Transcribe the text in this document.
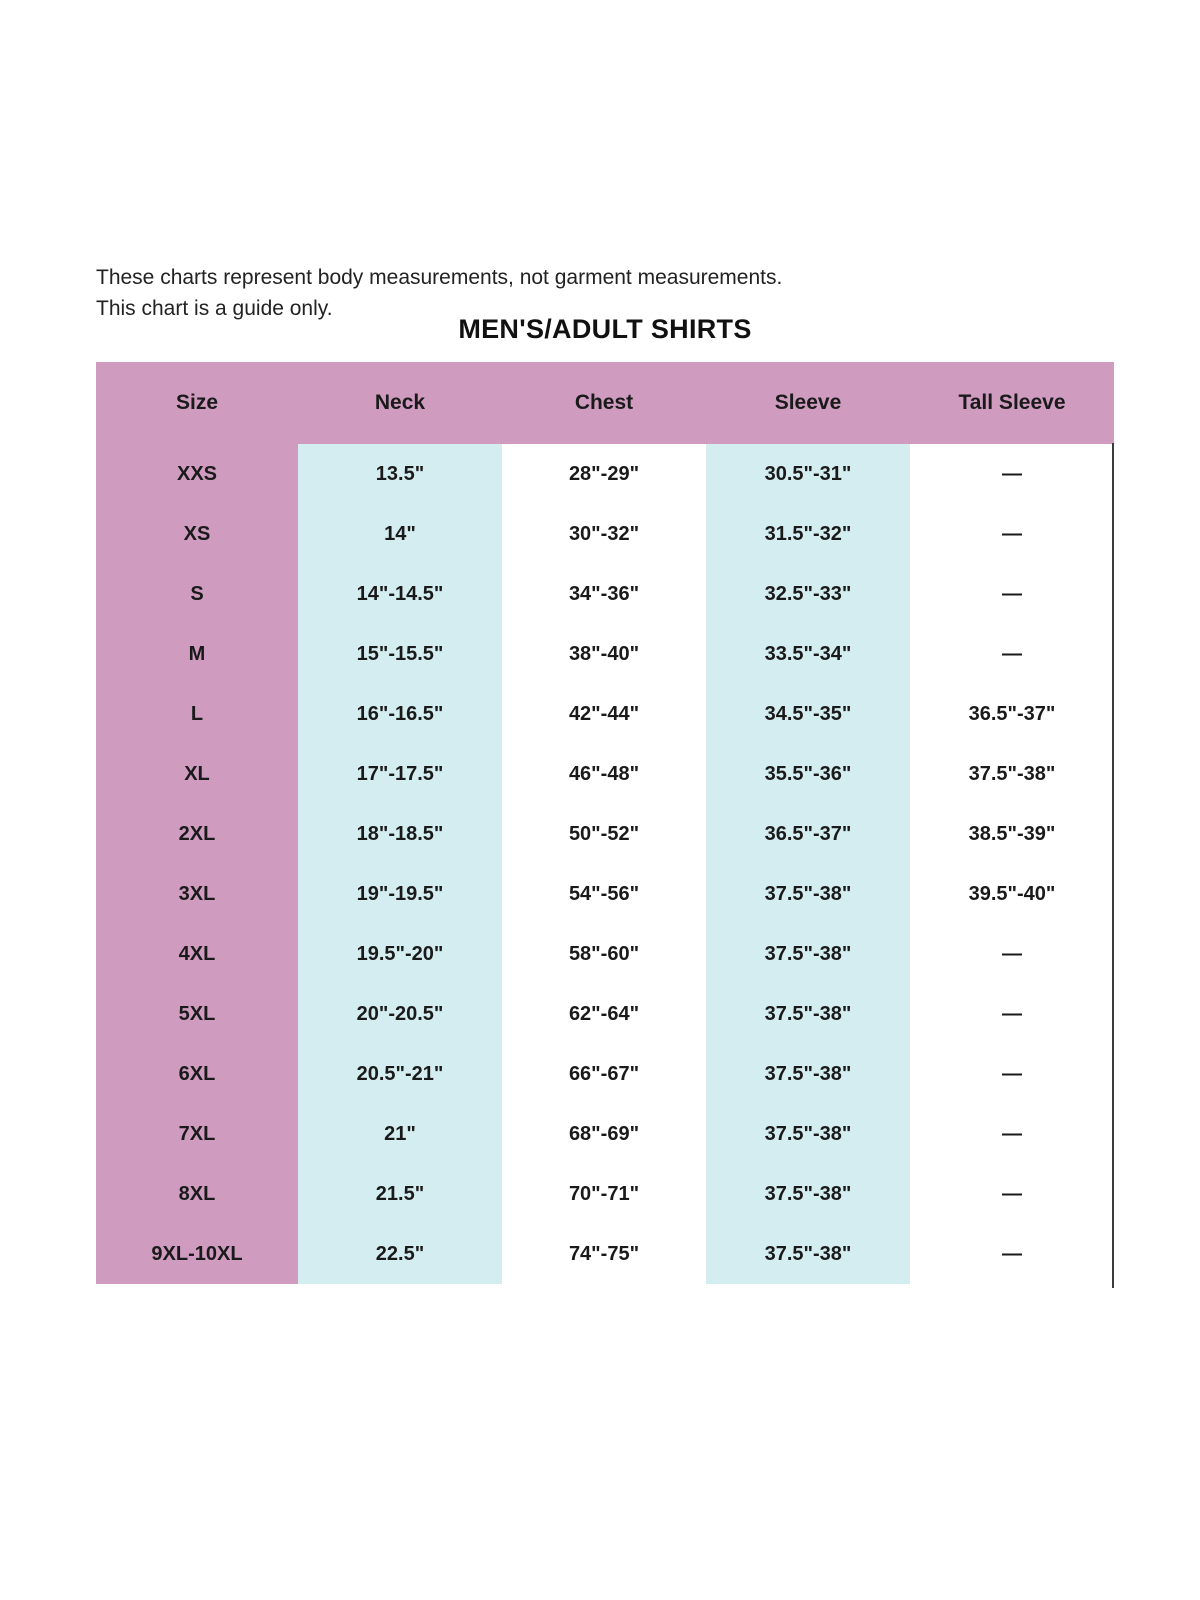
These charts represent body measurements, not garment measurements.
This chart is a guide only.
MEN'S/ADULT SHIRTS
Size	Neck	Chest	Sleeve	Tall Sleeve
XXS	13.5"	28"-29"	30.5"-31"	—
XS	14"	30"-32"	31.5"-32"	—
S	14"-14.5"	34"-36"	32.5"-33"	—
M	15"-15.5"	38"-40"	33.5"-34"	—
L	16"-16.5"	42"-44"	34.5"-35"	36.5"-37"
XL	17"-17.5"	46"-48"	35.5"-36"	37.5"-38"
2XL	18"-18.5"	50"-52"	36.5"-37"	38.5"-39"
3XL	19"-19.5"	54"-56"	37.5"-38"	39.5"-40"
4XL	19.5"-20"	58"-60"	37.5"-38"	—
5XL	20"-20.5"	62"-64"	37.5"-38"	—
6XL	20.5"-21"	66"-67"	37.5"-38"	—
7XL	21"	68"-69"	37.5"-38"	—
8XL	21.5"	70"-71"	37.5"-38"	—
9XL-10XL	22.5"	74"-75"	37.5"-38"	—
